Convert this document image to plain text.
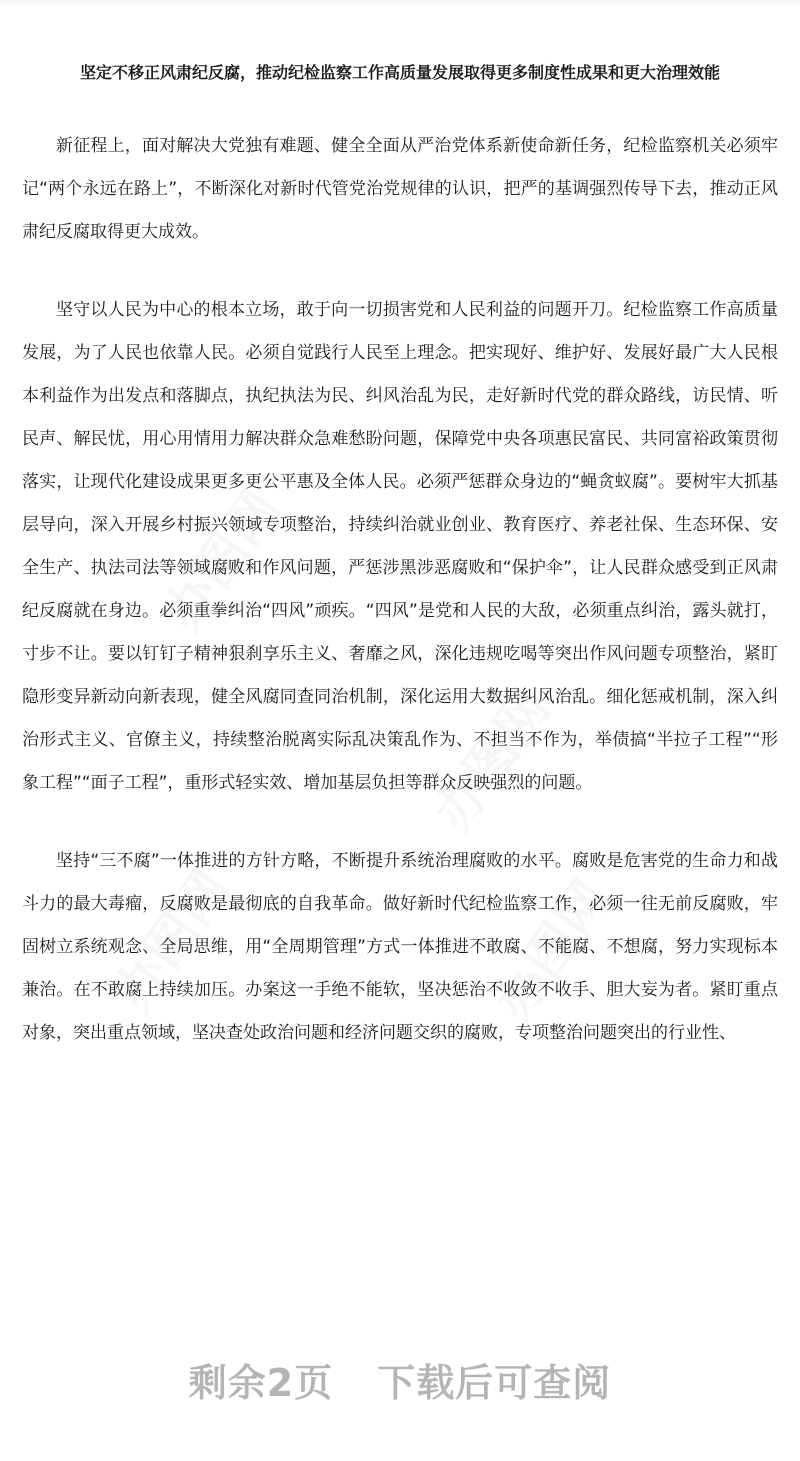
坚定不移正风肃纪反腐，推动纪检监察工作高质量发展取得更多制度性成果和更大治理效能

新征程上，面对解决大党独有难题、健全全面从严治党体系新使命新任务，纪检监察机关必须牢记“两个永远在路上”，不断深化对新时代管党治党规律的认识，把严的基调强烈传导下去，推动正风肃纪反腐取得更大成效。

坚守以人民为中心的根本立场，敢于向一切损害党和人民利益的问题开刀。纪检监察工作高质量发展，为了人民也依靠人民。必须自觉践行人民至上理念。把实现好、维护好、发展好最广大人民根本利益作为出发点和落脚点，执纪执法为民、纠风治乱为民，走好新时代党的群众路线，访民情、听民声、解民忧，用心用情用力解决群众急难愁盼问题，保障党中央各项惠民富民、共同富裕政策贯彻落实，让现代化建设成果更多更公平惠及全体人民。必须严惩群众身边的“蝇贪蚁腐”。要树牢大抓基层导向，深入开展乡村振兴领域专项整治，持续纠治就业创业、教育医疗、养老社保、生态环保、安全生产、执法司法等领域腐败和作风问题，严惩涉黑涉恶腐败和“保护伞”，让人民群众感受到正风肃纪反腐就在身边。必须重拳纠治“四风”顽疾。“四风”是党和人民的大敌，必须重点纠治，露头就打，寸步不让。要以钉钉子精神狠刹享乐主义、奢靡之风，深化违规吃喝等突出作风问题专项整治，紧盯隐形变异新动向新表现，健全风腐同查同治机制，深化运用大数据纠风治乱。细化惩戒机制，深入纠治形式主义、官僚主义，持续整治脱离实际乱决策乱作为、不担当不作为，举债搞“半拉子工程”“形象工程”“面子工程”，重形式轻实效、增加基层负担等群众反映强烈的问题。

坚持“三不腐”一体推进的方针方略，不断提升系统治理腐败的水平。腐败是危害党的生命力和战斗力的最大毒瘤，反腐败是最彻底的自我革命。做好新时代纪检监察工作，必须一往无前反腐败，牢固树立系统观念、全局思维，用“全周期管理”方式一体推进不敢腐、不能腐、不想腐，努力实现标本兼治。在不敢腐上持续加压。办案这一手绝不能软，坚决惩治不收敛不收手、胆大妄为者。紧盯重点对象，突出重点领域，坚决查处政治问题和经济问题交织的腐败，专项整治问题突出的行业性、

剩余2页 下载后可查阅
